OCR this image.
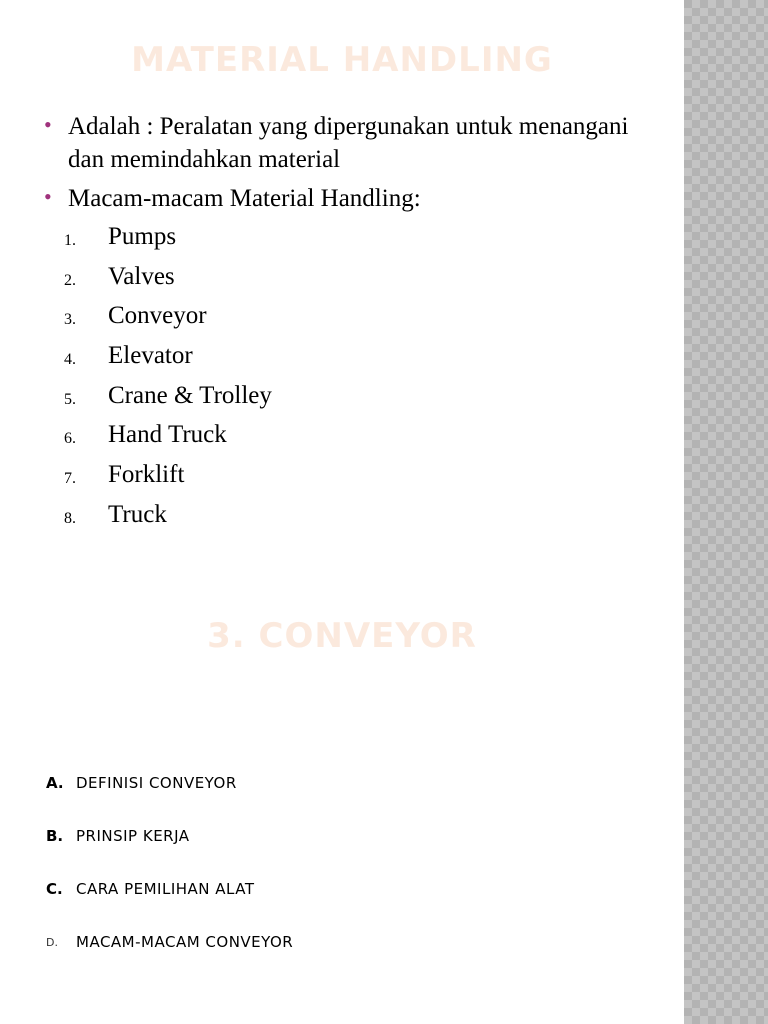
MATERIAL HANDLING
• Adalah : Peralatan yang dipergunakan untuk menangani dan memindahkan material
• Macam-macam Material Handling:
1. Pumps
2. Valves
3. Conveyor
4. Elevator
5. Crane & Trolley
6. Hand Truck
7. Forklift
8. Truck
3. CONVEYOR
A. DEFINISI CONVEYOR
B. PRINSIP KERJA
C. CARA PEMILIHAN ALAT
D. MACAM-MACAM CONVEYOR
